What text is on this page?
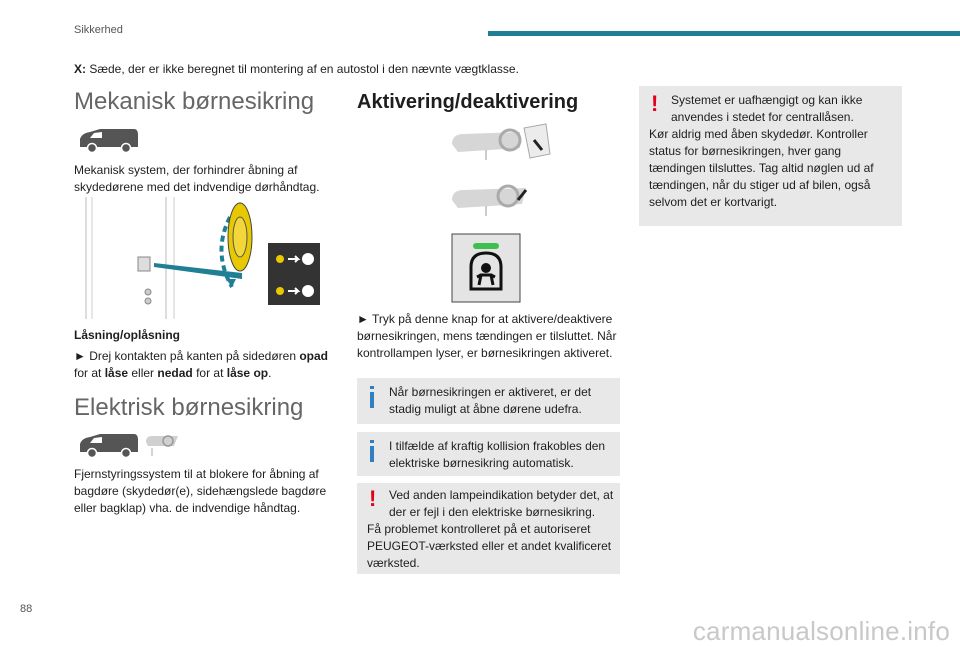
Sikkerhed
X: Sæde, der er ikke beregnet til montering af en autostol i den nævnte vægtklasse.
Mekanisk børnesikring

Mekanisk system, der forhindrer åbning af skydedørene med det indvendige dørhåndtag.

Låsning/oplåsning

► Drej kontakten på kanten på sidedøren opad for at låse eller nedad for at låse op.

Elektrisk børnesikring

Fjernstyringssystem til at blokere for åbning af bagdøre (skydedør(e), sidehængslede bagdøre eller bagklap) vha. de indvendige håndtag.

Aktivering/deaktivering

► Tryk på denne knap for at aktivere/deaktivere børnesikringen, mens tændingen er tilsluttet. Når kontrollampen lyser, er børnesikringen aktiveret.

Når børnesikringen er aktiveret, er det stadig muligt at åbne dørene udefra.

I tilfælde af kraftig kollision frakobles den elektriske børnesikring automatisk.

! Ved anden lampeindikation betyder det, at der er fejl i den elektriske børnesikring.

Få problemet kontrolleret på et autoriseret PEUGEOT-værksted eller et andet kvalificeret værksted.

! Systemet er uafhængigt og kan ikke anvendes i stedet for centrallåsen.

Kør aldrig med åben skydedør. Kontroller status for børnesikringen, hver gang tændingen tilsluttes. Tag altid nøglen ud af tændingen, når du stiger ud af bilen, også selvom det er kortvarigt.

88
carmanualsonline.info
